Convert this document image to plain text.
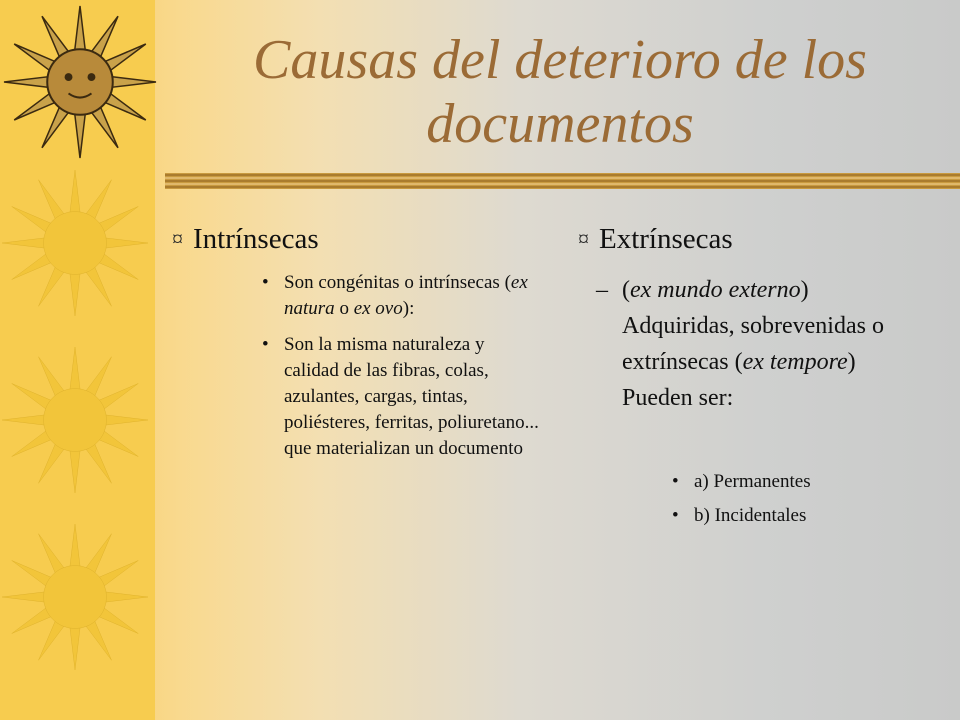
Causas del deterioro de los documentos
¤ Intrínsecas
• Son congénitas o intrínsecas (ex natura o ex ovo):
• Son la misma naturaleza y calidad de las fibras, colas, azulantes, cargas, tintas, poliésteres, ferritas, poliuretano... que materializan un documento
¤ Extrínsecas
– (ex mundo externo) Adquiridas, sobrevenidas o extrínsecas (ex tempore) Pueden ser:
• a) Permanentes
• b) Incidentales
